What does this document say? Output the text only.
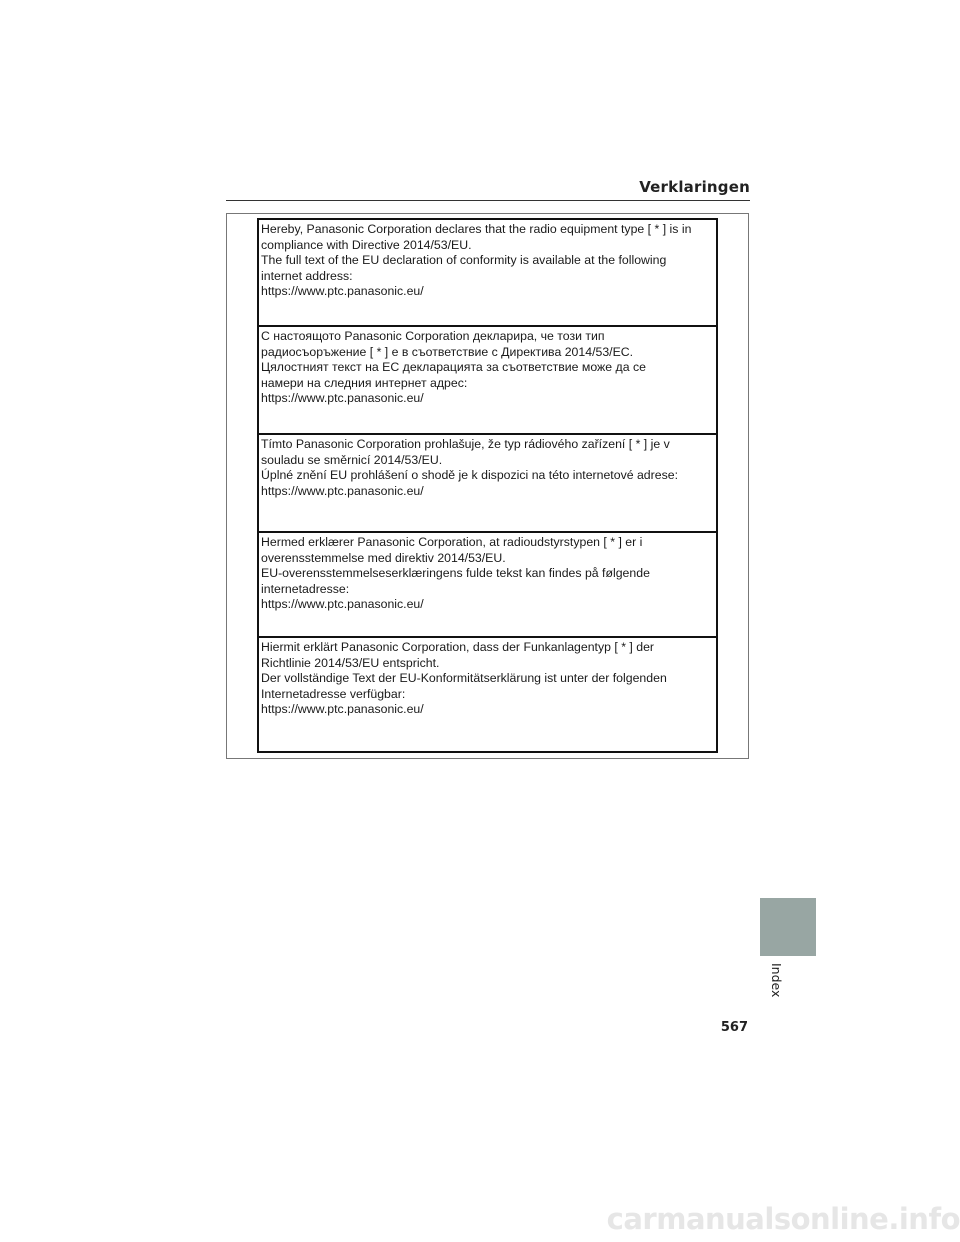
Verklaringen
Hereby, Panasonic Corporation declares that the radio equipment type [ * ] is in
compliance with Directive 2014/53/EU.
The full text of the EU declaration of conformity is available at the following
internet address:
https://www.ptc.panasonic.eu/
С настоящото Panasonic Corporation декларира, че този тип
радиосъоръжение [ * ] е в съответствие с Директива 2014/53/ЕС.
Цялостният текст на ЕС декларацията за съответствие може да се
намери на следния интернет адрес:
https://www.ptc.panasonic.eu/
Tímto Panasonic Corporation prohlašuje, že typ rádiového zařízení [ * ] je v
souladu se směrnicí 2014/53/EU.
Úplné znění EU prohlášení o shodě je k dispozici na této internetové adrese:
https://www.ptc.panasonic.eu/
Hermed erklærer Panasonic Corporation, at radioudstyrstypen [ * ] er i
overensstemmelse med direktiv 2014/53/EU.
EU-overensstemmelseserklæringens fulde tekst kan findes på følgende
internetadresse:
https://www.ptc.panasonic.eu/
Hiermit erklärt Panasonic Corporation, dass der Funkanlagentyp [ * ] der
Richtlinie 2014/53/EU entspricht.
Der vollständige Text der EU-Konformitätserklärung ist unter der folgenden
Internetadresse verfügbar:
https://www.ptc.panasonic.eu/
Index
567
carmanualsonline.info
